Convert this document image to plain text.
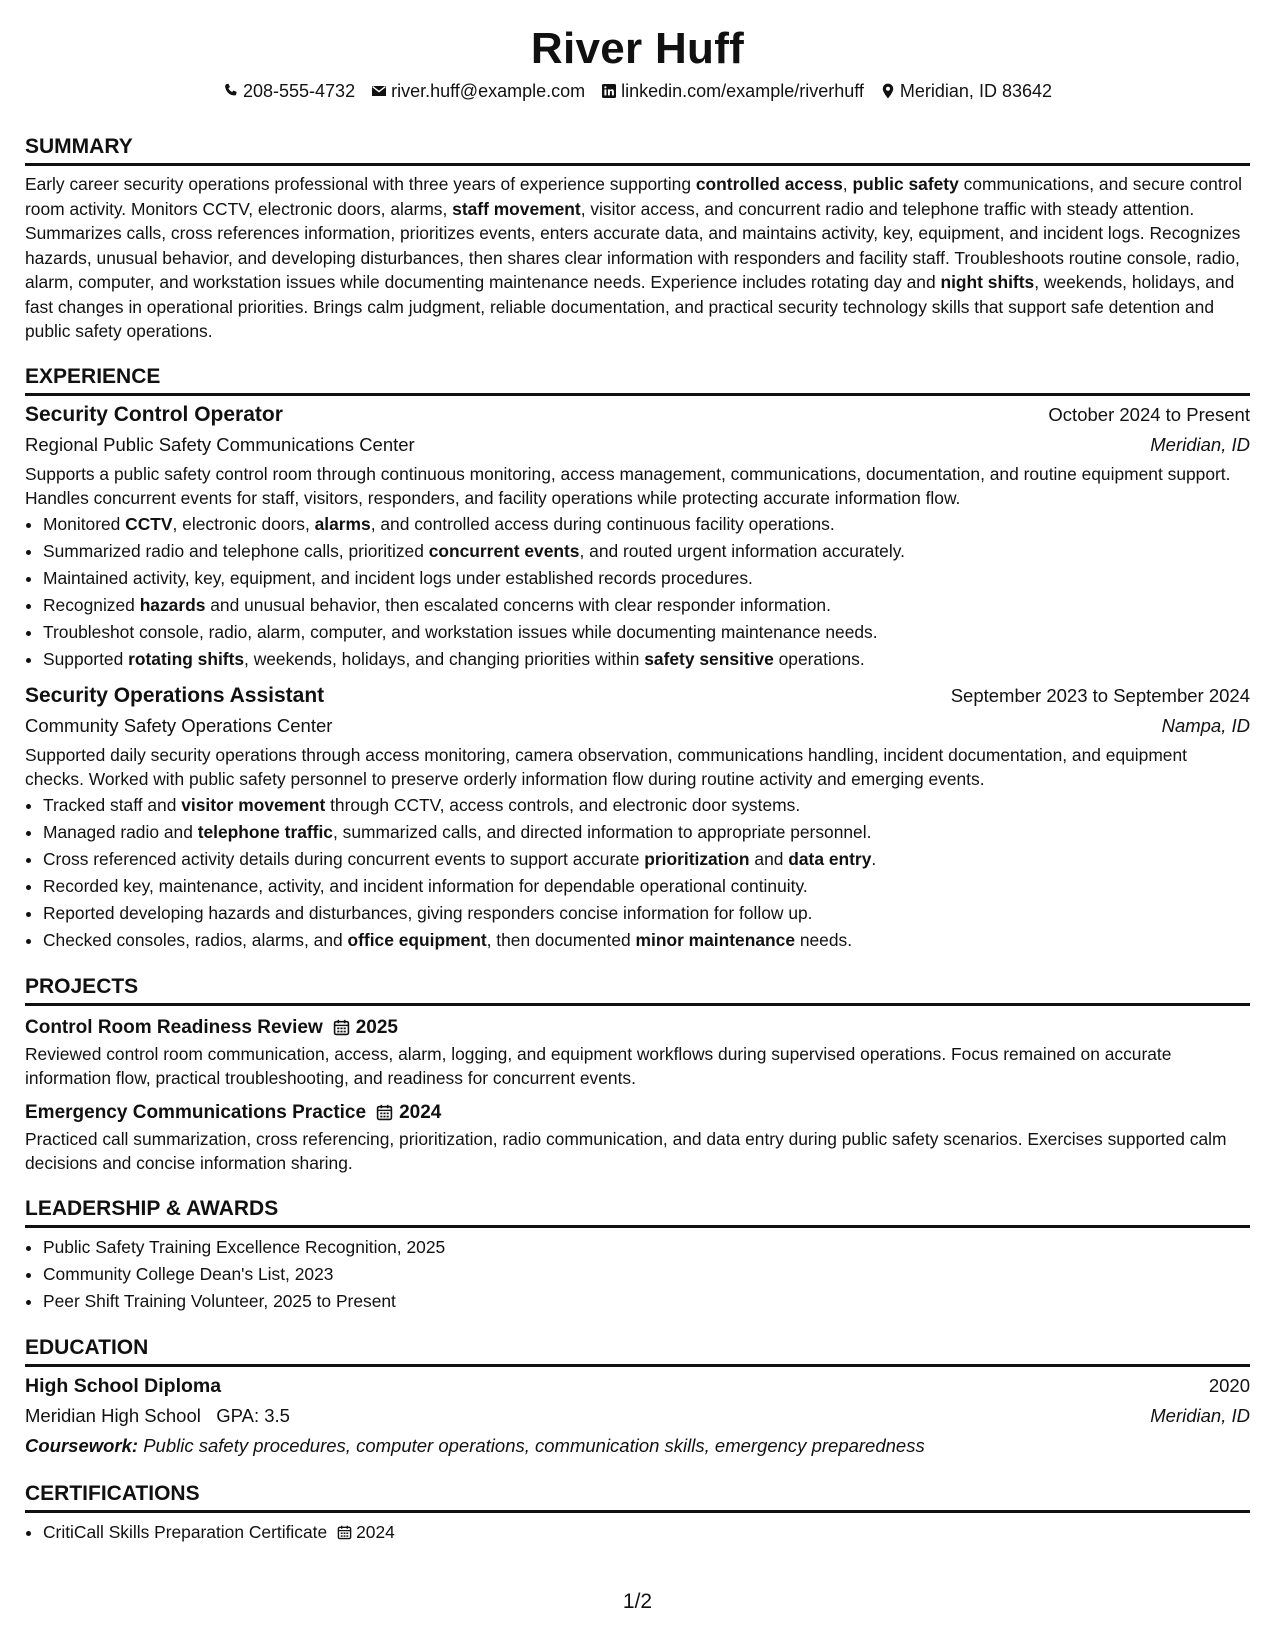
River Huff
208-555-4732 river.huff@example.com linkedin.com/example/riverhuff Meridian, ID 83642
SUMMARY
Early career security operations professional with three years of experience supporting controlled access, public safety communications, and secure control room activity. Monitors CCTV, electronic doors, alarms, staff movement, visitor access, and concurrent radio and telephone traffic with steady attention. Summarizes calls, cross references information, prioritizes events, enters accurate data, and maintains activity, key, equipment, and incident logs. Recognizes hazards, unusual behavior, and developing disturbances, then shares clear information with responders and facility staff. Troubleshoots routine console, radio, alarm, computer, and workstation issues while documenting maintenance needs. Experience includes rotating day and night shifts, weekends, holidays, and fast changes in operational priorities. Brings calm judgment, reliable documentation, and practical security technology skills that support safe detention and public safety operations.
EXPERIENCE
Security Control Operator	October 2024 to Present
Regional Public Safety Communications Center	Meridian, ID
Supports a public safety control room through continuous monitoring, access management, communications, documentation, and routine equipment support. Handles concurrent events for staff, visitors, responders, and facility operations while protecting accurate information flow.
• Monitored CCTV, electronic doors, alarms, and controlled access during continuous facility operations.
• Summarized radio and telephone calls, prioritized concurrent events, and routed urgent information accurately.
• Maintained activity, key, equipment, and incident logs under established records procedures.
• Recognized hazards and unusual behavior, then escalated concerns with clear responder information.
• Troubleshot console, radio, alarm, computer, and workstation issues while documenting maintenance needs.
• Supported rotating shifts, weekends, holidays, and changing priorities within safety sensitive operations.
Security Operations Assistant	September 2023 to September 2024
Community Safety Operations Center	Nampa, ID
Supported daily security operations through access monitoring, camera observation, communications handling, incident documentation, and equipment checks. Worked with public safety personnel to preserve orderly information flow during routine activity and emerging events.
• Tracked staff and visitor movement through CCTV, access controls, and electronic door systems.
• Managed radio and telephone traffic, summarized calls, and directed information to appropriate personnel.
• Cross referenced activity details during concurrent events to support accurate prioritization and data entry.
• Recorded key, maintenance, activity, and incident information for dependable operational continuity.
• Reported developing hazards and disturbances, giving responders concise information for follow up.
• Checked consoles, radios, alarms, and office equipment, then documented minor maintenance needs.
PROJECTS
Control Room Readiness Review 2025
Reviewed control room communication, access, alarm, logging, and equipment workflows during supervised operations. Focus remained on accurate information flow, practical troubleshooting, and readiness for concurrent events.
Emergency Communications Practice 2024
Practiced call summarization, cross referencing, prioritization, radio communication, and data entry during public safety scenarios. Exercises supported calm decisions and concise information sharing.
LEADERSHIP & AWARDS
• Public Safety Training Excellence Recognition, 2025
• Community College Dean's List, 2023
• Peer Shift Training Volunteer, 2025 to Present
EDUCATION
High School Diploma	2020
Meridian High School GPA: 3.5	Meridian, ID
Coursework: Public safety procedures, computer operations, communication skills, emergency preparedness
CERTIFICATIONS
• CritiCall Skills Preparation Certificate 2024
1/2
